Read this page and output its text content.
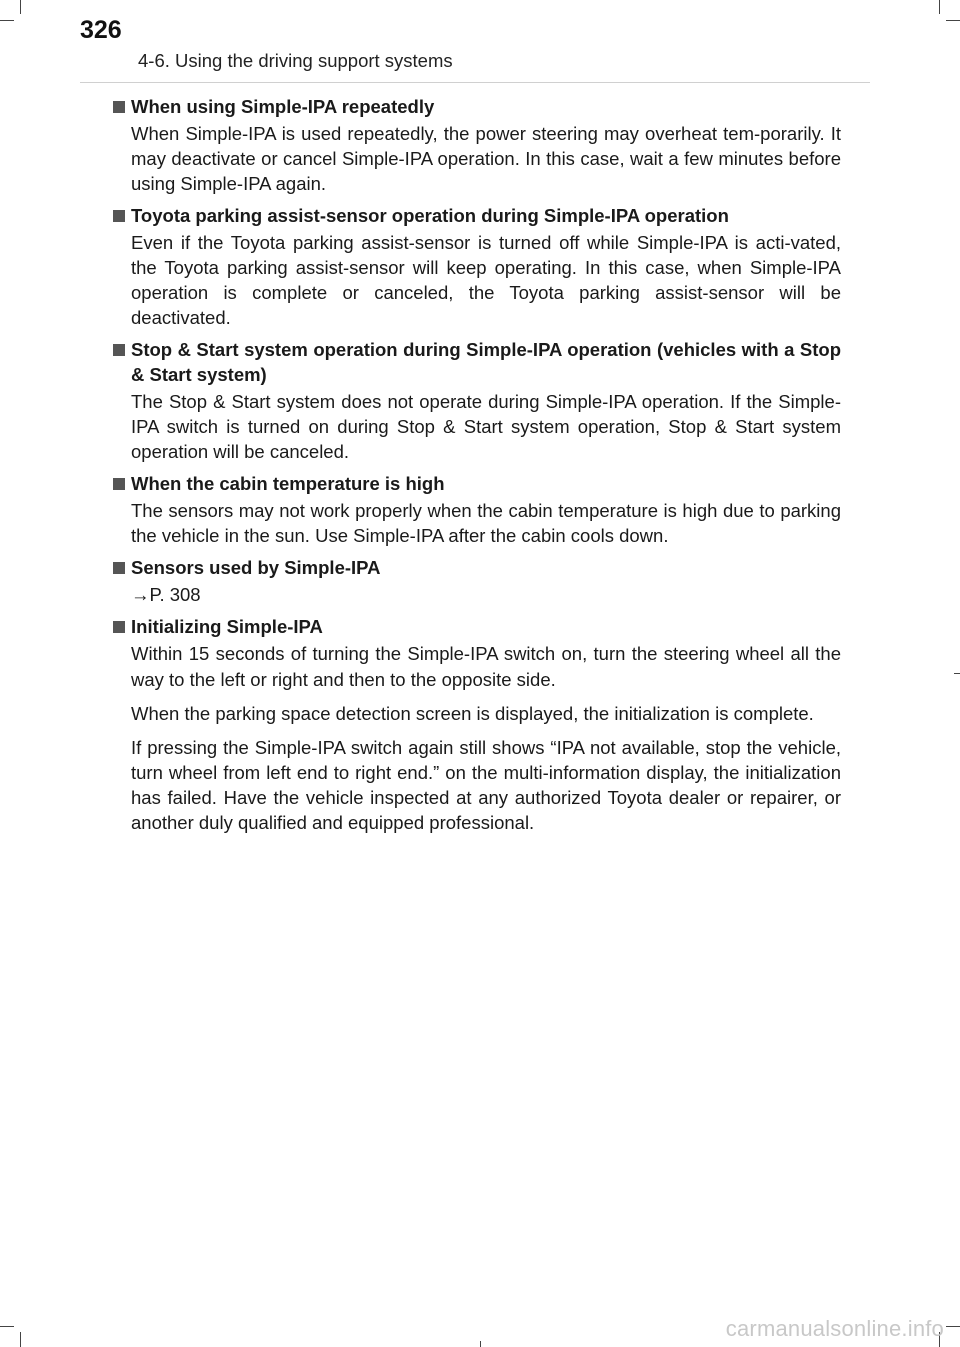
326
4-6. Using the driving support systems
When using Simple-IPA repeatedly
When Simple-IPA is used repeatedly, the power steering may overheat tem-porarily. It may deactivate or cancel Simple-IPA operation. In this case, wait a few minutes before using Simple-IPA again.
Toyota parking assist-sensor operation during Simple-IPA operation
Even if the Toyota parking assist-sensor is turned off while Simple-IPA is acti-vated, the Toyota parking assist-sensor will keep operating. In this case, when Simple-IPA operation is complete or canceled, the Toyota parking assist-sensor will be deactivated.
Stop & Start system operation during Simple-IPA operation (vehicles with a Stop & Start system)
The Stop & Start system does not operate during Simple-IPA operation. If the Simple-IPA switch is turned on during Stop & Start system operation, Stop & Start system operation will be canceled.
When the cabin temperature is high
The sensors may not work properly when the cabin temperature is high due to parking the vehicle in the sun. Use Simple-IPA after the cabin cools down.
Sensors used by Simple-IPA
→P. 308
Initializing Simple-IPA
Within 15 seconds of turning the Simple-IPA switch on, turn the steering wheel all the way to the left or right and then to the opposite side.
When the parking space detection screen is displayed, the initialization is complete.
If pressing the Simple-IPA switch again still shows “IPA not available, stop the vehicle, turn wheel from left end to right end.” on the multi-information display, the initialization has failed. Have the vehicle inspected at any authorized Toyota dealer or repairer, or another duly qualified and equipped professional.
carmanualsonline.info
